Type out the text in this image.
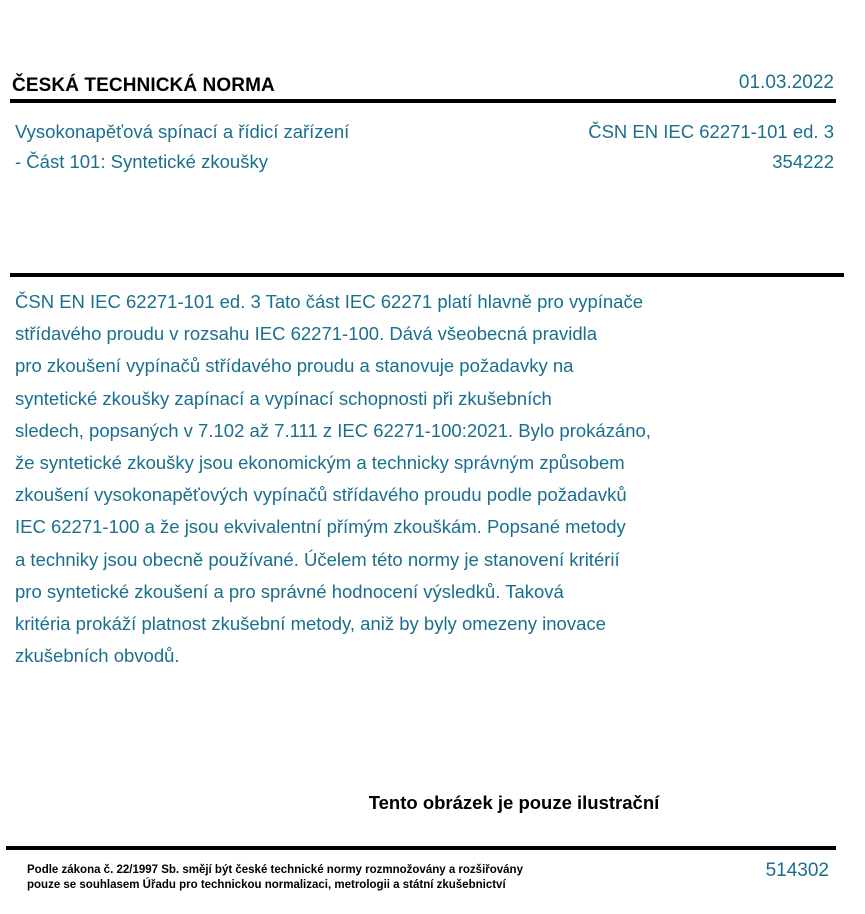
ČESKÁ TECHNICKÁ NORMA	01.03.2022
Vysokonapěťová spínací a řídicí zařízení
- Část 101: Syntetické zkoušky
ČSN EN IEC 62271-101 ed. 3
354222
ČSN EN IEC 62271-101 ed. 3 Tato část IEC 62271 platí hlavně pro vypínače
střídavého proudu v rozsahu IEC 62271-100. Dává všeobecná pravidla
pro zkoušení vypínačů střídavého proudu a stanovuje požadavky na
syntetické zkoušky zapínací a vypínací schopnosti při zkušebních
sledech, popsaných v 7.102 až 7.111 z IEC 62271-100:2021. Bylo prokázáno,
že syntetické zkoušky jsou ekonomickým a technicky správným způsobem
zkoušení vysokonapěťových vypínačů střídavého proudu podle požadavků
IEC 62271-100 a že jsou ekvivalentní přímým zkouškám. Popsané metody
a techniky jsou obecně používané. Účelem této normy je stanovení kritérií
pro syntetické zkoušení a pro správné hodnocení výsledků. Taková
kritéria prokáží platnost zkušební metody, aniž by byly omezeny inovace
zkušebních obvodů.
Tento obrázek je pouze ilustrační
Podle zákona č. 22/1997 Sb. smějí být české technické normy rozmnožovány a rozšiřovány
pouze se souhlasem Úřadu pro technickou normalizaci, metrologii a státní zkušebnictví
514302
